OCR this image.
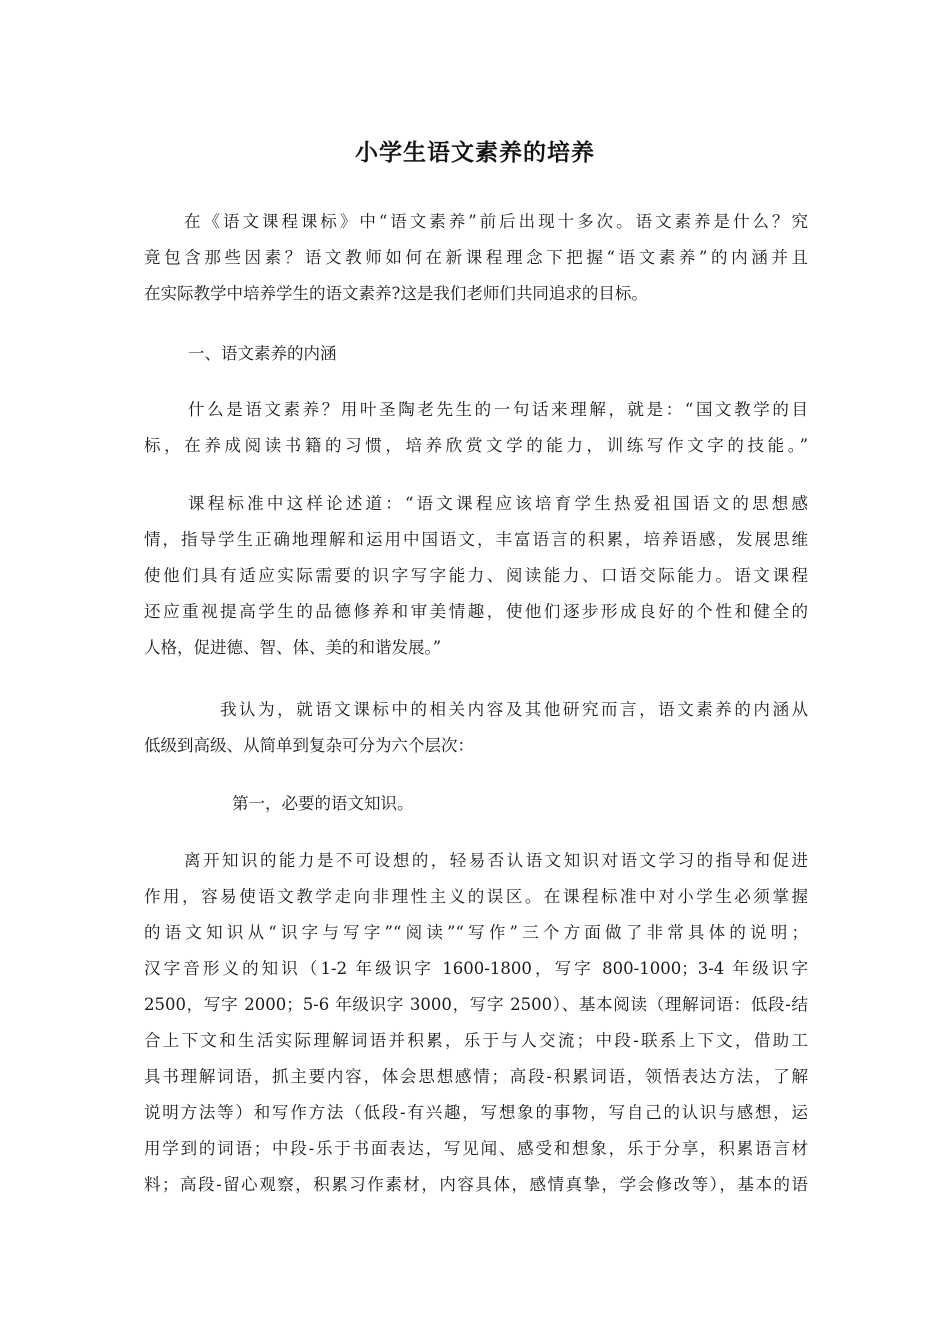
小学生语文素养的培养
在《语文课程课标》中“语文素养”前后出现十多次。语文素养是什么？究
竟包含那些因素？语文教师如何在新课程理念下把握“语文素养”的内涵并且
在实际教学中培养学生的语文素养?这是我们老师们共同追求的目标。
一、语文素养的内涵
什么是语文素养？用叶圣陶老先生的一句话来理解，就是：“国文教学的目
标，在养成阅读书籍的习惯，培养欣赏文学的能力，训练写作文字的技能。”
课程标准中这样论述道：“语文课程应该培育学生热爱祖国语文的思想感
情，指导学生正确地理解和运用中国语文，丰富语言的积累，培养语感，发展思维
使他们具有适应实际需要的识字写字能力、阅读能力、口语交际能力。语文课程
还应重视提高学生的品德修养和审美情趣，使他们逐步形成良好的个性和健全的
人格，促进德、智、体、美的和谐发展。”
我认为，就语文课标中的相关内容及其他研究而言，语文素养的内涵从
低级到高级、从简单到复杂可分为六个层次：
第一，必要的语文知识。
离开知识的能力是不可设想的，轻易否认语文知识对语文学习的指导和促进
作用，容易使语文教学走向非理性主义的误区。在课程标准中对小学生必须掌握
的语文知识从“识字与写字”“阅读”“写作”三个方面做了非常具体的说明；
汉字音形义的知识（1-2 年级识字 1600-1800，写字 800-1000；3-4 年级识字
2500，写字 2000；5-6 年级识字 3000，写字 2500）、基本阅读（理解词语：低段-结
合上下文和生活实际理解词语并积累，乐于与人交流；中段-联系上下文，借助工
具书理解词语，抓主要内容，体会思想感情；高段-积累词语，领悟表达方法，了解
说明方法等）和写作方法（低段-有兴趣，写想象的事物，写自己的认识与感想，运
用学到的词语；中段-乐于书面表达，写见闻、感受和想象，乐于分享，积累语言材
料；高段-留心观察，积累习作素材，内容具体，感情真挚，学会修改等），基本的语
